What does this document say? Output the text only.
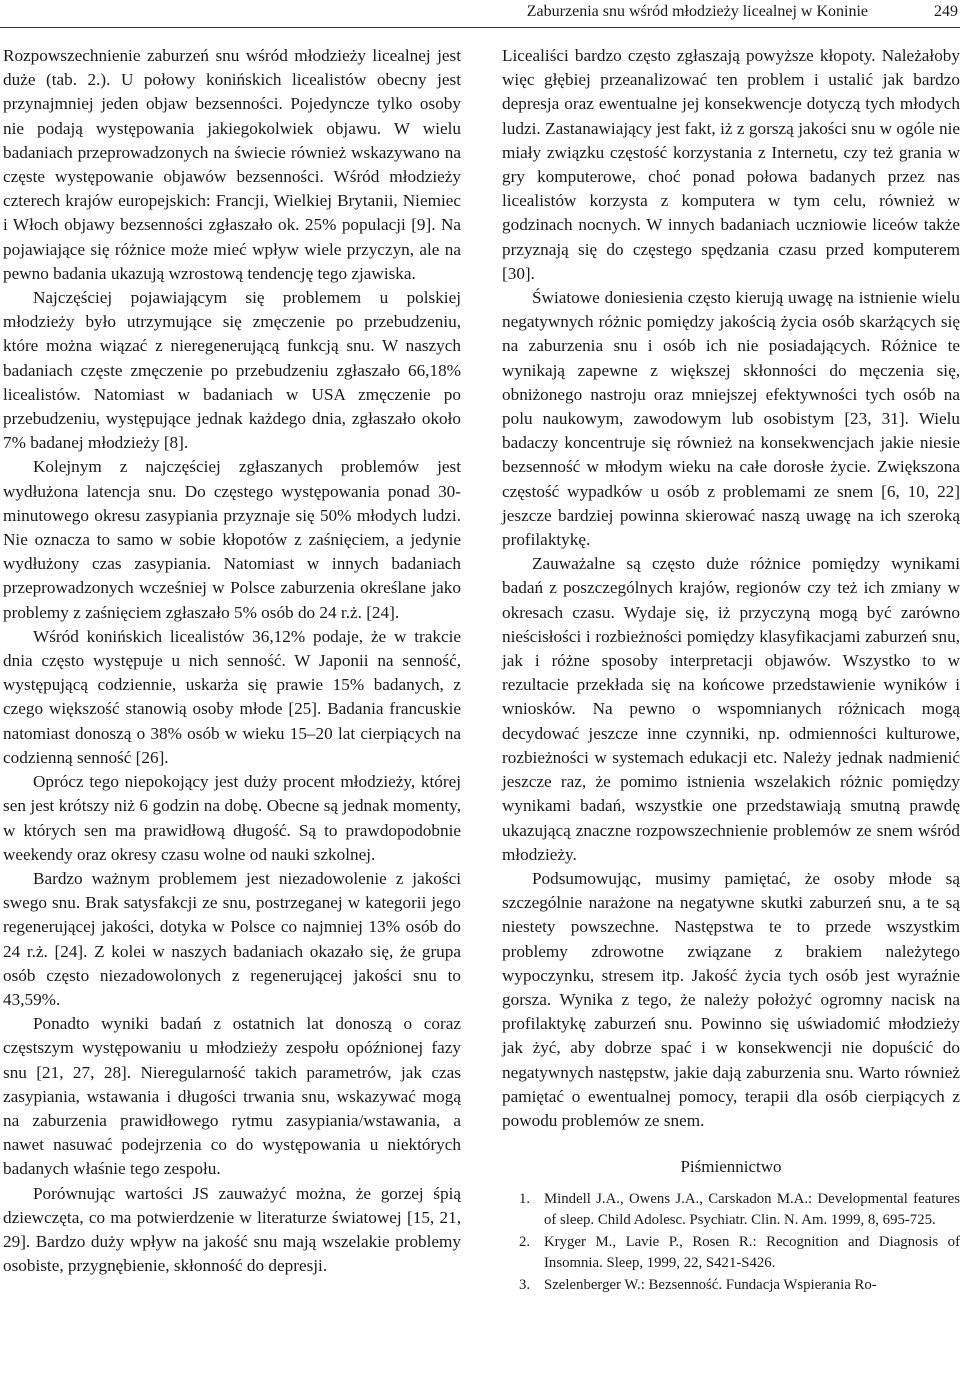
Zaburzenia snu wśród młodzieży licealnej w Koninie	249

Rozpowszechnienie zaburzeń snu wśród młodzieży licealnej jest duże (tab. 2.). U połowy konińskich licealistów obecny jest przynajmniej jeden objaw bezsenności. Pojedyncze tylko osoby nie podają występowania jakiegokolwiek objawu. W wielu badaniach przeprowadzonych na świecie również wskazywano na częste występowanie objawów bezsenności. Wśród młodzieży czterech krajów europejskich: Francji, Wielkiej Brytanii, Niemiec i Włoch objawy bezsenności zgłaszało ok. 25% populacji [9]. Na pojawiające się różnice może mieć wpływ wiele przyczyn, ale na pewno badania ukazują wzrostową tendencję tego zjawiska.

Najczęściej pojawiającym się problemem u polskiej młodzieży było utrzymujące się zmęczenie po przebudzeniu, które można wiązać z nieregenerującą funkcją snu. W naszych badaniach częste zmęczenie po przebudzeniu zgłaszało 66,18% licealistów. Natomiast w badaniach w USA zmęczenie po przebudzeniu, występujące jednak każdego dnia, zgłaszało około 7% badanej młodzieży [8].

Kolejnym z najczęściej zgłaszanych problemów jest wydłużona latencja snu. Do częstego występowania ponad 30-minutowego okresu zasypiania przyznaje się 50% młodych ludzi. Nie oznacza to samo w sobie kłopotów z zaśnięciem, a jedynie wydłużony czas zasypiania. Natomiast w innych badaniach przeprowadzonych wcześniej w Polsce zaburzenia określane jako problemy z zaśnięciem zgłaszało 5% osób do 24 r.ż. [24].

Wśród konińskich licealistów 36,12% podaje, że w trakcie dnia często występuje u nich senność. W Japonii na senność, występującą codziennie, uskarża się prawie 15% badanych, z czego większość stanowią osoby młode [25]. Badania francuskie natomiast donoszą o 38% osób w wieku 15–20 lat cierpiących na codzienną senność [26].

Oprócz tego niepokojący jest duży procent młodzieży, której sen jest krótszy niż 6 godzin na dobę. Obecne są jednak momenty, w których sen ma prawidłową długość. Są to prawdopodobnie weekendy oraz okresy czasu wolne od nauki szkolnej.

Bardzo ważnym problemem jest niezadowolenie z jakości swego snu. Brak satysfakcji ze snu, postrzeganej w kategorii jego regenerującej jakości, dotyka w Polsce co najmniej 13% osób do 24 r.ż. [24]. Z kolei w naszych badaniach okazało się, że grupa osób często niezadowolonych z regenerującej jakości snu to 43,59%.

Ponadto wyniki badań z ostatnich lat donoszą o coraz częstszym występowaniu u młodzieży zespołu opóźnionej fazy snu [21, 27, 28]. Nieregularność takich parametrów, jak czas zasypiania, wstawania i długości trwania snu, wskazywać mogą na zaburzenia prawidłowego rytmu zasypiania/wstawania, a nawet nasuwać podejrzenia co do występowania u niektórych badanych właśnie tego zespołu.

Porównując wartości JS zauważyć można, że gorzej śpią dziewczęta, co ma potwierdzenie w literaturze światowej [15, 21, 29]. Bardzo duży wpływ na jakość snu mają wszelakie problemy osobiste, przygnębienie, skłonność do depresji.

Licealiści bardzo często zgłaszają powyższe kłopoty. Należałoby więc głębiej przeanalizować ten problem i ustalić jak bardzo depresja oraz ewentualne jej konsekwencje dotyczą tych młodych ludzi. Zastanawiający jest fakt, iż z gorszą jakości snu w ogóle nie miały związku częstość korzystania z Internetu, czy też grania w gry komputerowe, choć ponad połowa badanych przez nas licealistów korzysta z komputera w tym celu, również w godzinach nocnych. W innych badaniach uczniowie liceów także przyznają się do częstego spędzania czasu przed komputerem [30].

Światowe doniesienia często kierują uwagę na istnienie wielu negatywnych różnic pomiędzy jakością życia osób skarżących się na zaburzenia snu i osób ich nie posiadających. Różnice te wynikają zapewne z większej skłonności do męczenia się, obniżonego nastroju oraz mniejszej efektywności tych osób na polu naukowym, zawodowym lub osobistym [23, 31]. Wielu badaczy koncentruje się również na konsekwencjach jakie niesie bezsenność w młodym wieku na całe dorosłe życie. Zwiększona częstość wypadków u osób z problemami ze snem [6, 10, 22] jeszcze bardziej powinna skierować naszą uwagę na ich szeroką profilaktykę.

Zauważalne są często duże różnice pomiędzy wynikami badań z poszczególnych krajów, regionów czy też ich zmiany w okresach czasu. Wydaje się, iż przyczyną mogą być zarówno nieścisłości i rozbieżności pomiędzy klasyfikacjami zaburzeń snu, jak i różne sposoby interpretacji objawów. Wszystko to w rezultacie przekłada się na końcowe przedstawienie wyników i wniosków. Na pewno o wspomnianych różnicach mogą decydować jeszcze inne czynniki, np. odmienności kulturowe, rozbieżności w systemach edukacji etc. Należy jednak nadmienić jeszcze raz, że pomimo istnienia wszelakich różnic pomiędzy wynikami badań, wszystkie one przedstawiają smutną prawdę ukazującą znaczne rozpowszechnienie problemów ze snem wśród młodzieży.

Podsumowując, musimy pamiętać, że osoby młode są szczególnie narażone na negatywne skutki zaburzeń snu, a te są niestety powszechne. Następstwa te to przede wszystkim problemy zdrowotne związane z brakiem należytego wypoczynku, stresem itp. Jakość życia tych osób jest wyraźnie gorsza. Wynika z tego, że należy położyć ogromny nacisk na profilaktykę zaburzeń snu. Powinno się uświadomić młodzieży jak żyć, aby dobrze spać i w konsekwencji nie dopuścić do negatywnych następstw, jakie dają zaburzenia snu. Warto również pamiętać o ewentualnej pomocy, terapii dla osób cierpiących z powodu problemów ze snem.

Piśmiennictwo
1. Mindell J.A., Owens J.A., Carskadon M.A.: Developmental features of sleep. Child Adolesc. Psychiatr. Clin. N. Am. 1999, 8, 695-725.
2. Kryger M., Lavie P., Rosen R.: Recognition and Diagnosis of Insomnia. Sleep, 1999, 22, S421-S426.
3. Szelenberger W.: Bezsenność. Fundacja Wspierania Ro-
